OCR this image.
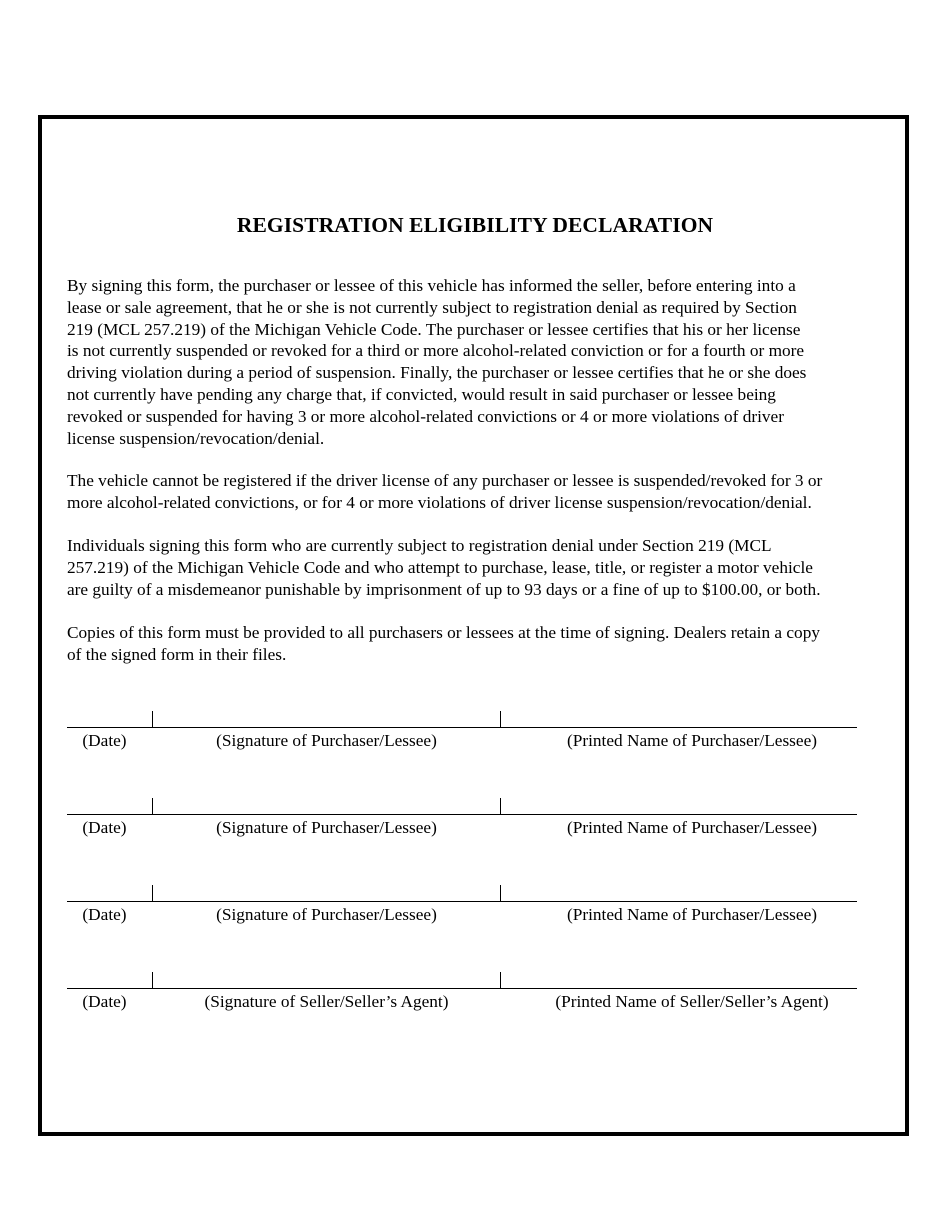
REGISTRATION ELIGIBILITY DECLARATION

By signing this form, the purchaser or lessee of this vehicle has informed the seller, before entering into a
lease or sale agreement, that he or she is not currently subject to registration denial as required by Section
219 (MCL 257.219) of the Michigan Vehicle Code. The purchaser or lessee certifies that his or her license
is not currently suspended or revoked for a third or more alcohol-related conviction or for a fourth or more
driving violation during a period of suspension. Finally, the purchaser or lessee certifies that he or she does
not currently have pending any charge that, if convicted, would result in said purchaser or lessee being
revoked or suspended for having 3 or more alcohol-related convictions or 4 or more violations of driver
license suspension/revocation/denial.

The vehicle cannot be registered if the driver license of any purchaser or lessee is suspended/revoked for 3 or
more alcohol-related convictions, or for 4 or more violations of driver license suspension/revocation/denial.

Individuals signing this form who are currently subject to registration denial under Section 219 (MCL
257.219) of the Michigan Vehicle Code and who attempt to purchase, lease, title, or register a motor vehicle
are guilty of a misdemeanor punishable by imprisonment of up to 93 days or a fine of up to $100.00, or both.

Copies of this form must be provided to all purchasers or lessees at the time of signing. Dealers retain a copy
of the signed form in their files.

(Date)	(Signature of Purchaser/Lessee)	(Printed Name of Purchaser/Lessee)
(Date)	(Signature of Purchaser/Lessee)	(Printed Name of Purchaser/Lessee)
(Date)	(Signature of Purchaser/Lessee)	(Printed Name of Purchaser/Lessee)
(Date)	(Signature of Seller/Seller’s Agent)	(Printed Name of Seller/Seller’s Agent)
